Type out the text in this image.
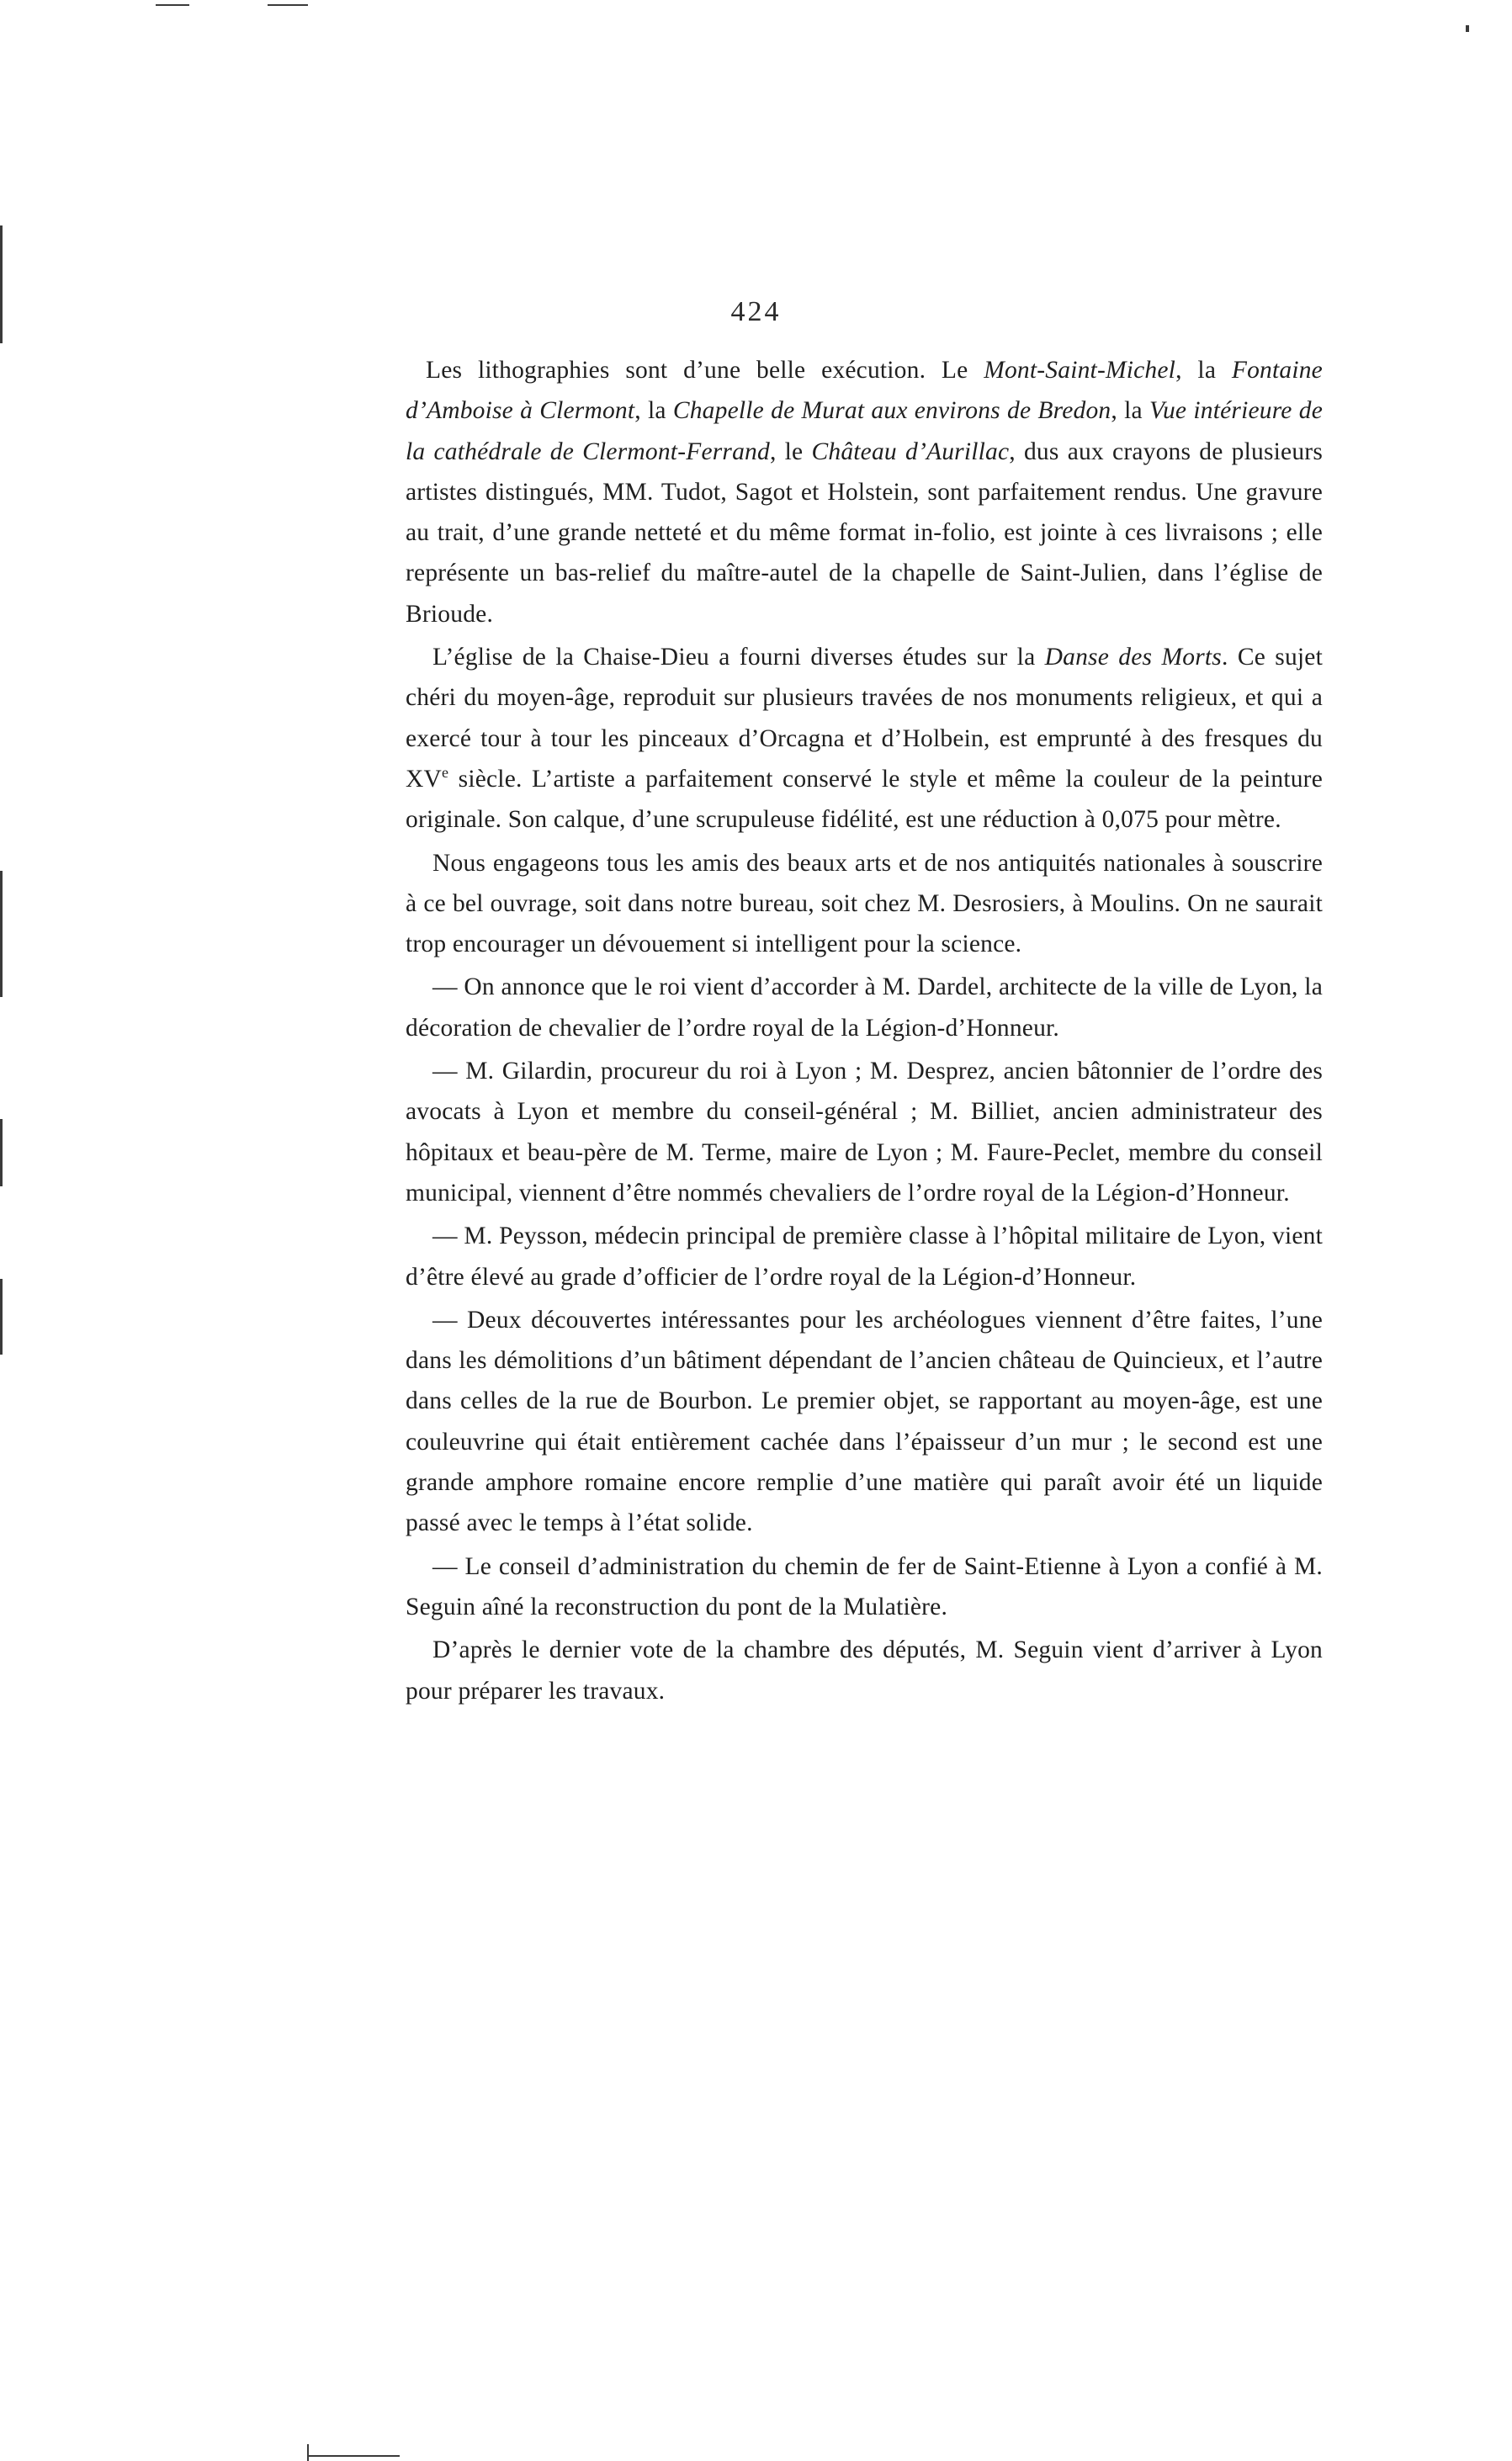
424

Les lithographies sont d’une belle exécution. Le Mont-Saint-Michel, la Fontaine d’Amboise à Clermont, la Chapelle de Murat aux environs de Bredon, la Vue intérieure de la cathédrale de Clermont-Ferrand, le Château d’Aurillac, dus aux crayons de plusieurs artistes distingués, MM. Tudot, Sagot et Holstein, sont parfaitement rendus. Une gravure au trait, d’une grande netteté et du même format in-folio, est jointe à ces livraisons ; elle représente un bas-relief du maître-autel de la chapelle de Saint-Julien, dans l’église de Brioude.

L’église de la Chaise-Dieu a fourni diverses études sur la Danse des Morts. Ce sujet chéri du moyen-âge, reproduit sur plusieurs travées de nos monuments religieux, et qui a exercé tour à tour les pinceaux d’Orcagna et d’Holbein, est emprunté à des fresques du XVe siècle. L’artiste a parfaitement conservé le style et même la couleur de la peinture originale. Son calque, d’une scrupuleuse fidélité, est une réduction à 0,075 pour mètre.

Nous engageons tous les amis des beaux arts et de nos antiquités nationales à souscrire à ce bel ouvrage, soit dans notre bureau, soit chez M. Desrosiers, à Moulins. On ne saurait trop encourager un dévouement si intelligent pour la science.

— On annonce que le roi vient d’accorder à M. Dardel, architecte de la ville de Lyon, la décoration de chevalier de l’ordre royal de la Légion-d’Honneur.

— M. Gilardin, procureur du roi à Lyon ; M. Desprez, ancien bâtonnier de l’ordre des avocats à Lyon et membre du conseil-général ; M. Billiet, ancien administrateur des hôpitaux et beau-père de M. Terme, maire de Lyon ; M. Faure-Peclet, membre du conseil municipal, viennent d’être nommés chevaliers de l’ordre royal de la Légion-d’Honneur.

— M. Peysson, médecin principal de première classe à l’hôpital militaire de Lyon, vient d’être élevé au grade d’officier de l’ordre royal de la Légion-d’Honneur.

— Deux découvertes intéressantes pour les archéologues viennent d’être faites, l’une dans les démolitions d’un bâtiment dépendant de l’ancien château de Quincieux, et l’autre dans celles de la rue de Bourbon. Le premier objet, se rapportant au moyen-âge, est une couleuvrine qui était entièrement cachée dans l’épaisseur d’un mur ; le second est une grande amphore romaine encore remplie d’une matière qui paraît avoir été un liquide passé avec le temps à l’état solide.

— Le conseil d’administration du chemin de fer de Saint-Etienne à Lyon a confié à M. Seguin aîné la reconstruction du pont de la Mulatière.

D’après le dernier vote de la chambre des députés, M. Seguin vient d’arriver à Lyon pour préparer les travaux.
